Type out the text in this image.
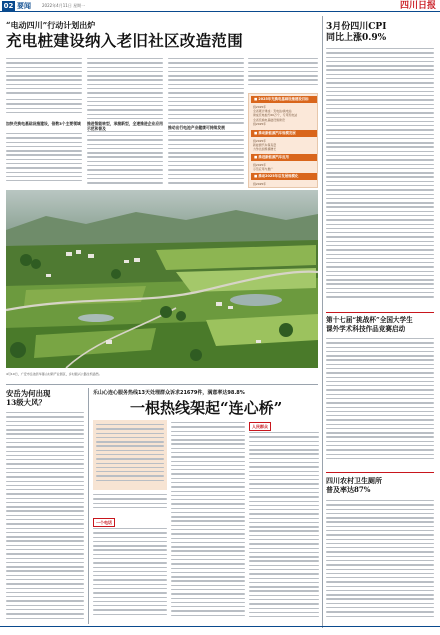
02 要闻	2022年4月11日 星期一	四川日报
“电动四川”行动计划出炉
充电桩建设纳入老旧社区改造范围
加快充换电基础设施建设，倍数3个主要领域	推进智能转型，承接新型，全速推进企业应用示范和普及	推动出行电池产业健康可持续发展
■ 2025年充换电基础设施建设目标
到2025年
全省累计建成：充电站/换电站
建成充电桩约20万个，专用充电站
全省充换电基础设施建设
到2025年
■ 推动新能源汽车规模发展
到2025年
新能源汽车保有量
力争达到规模增长
■ 推进新能源汽车应用
到2025年
示范应用与推广
■ 推动2025年后发展规模化
到2025年
4月10日，广安市岳池县华蓥山村新产业园区，乡村振兴公路生机盎然。
3月份四川CPI
同比上涨0.9%
第十七届“挑战杯”全国大学生
课外学术科技作品竞赛启动
四川农村卫生厕所
普及率达87%
安岳为何出现
13级大风？
乐山心连心服务热线13天处理群众诉求21679件，满意率达98.8%
一根热线架起“连心桥”
一个电话
人民群众
